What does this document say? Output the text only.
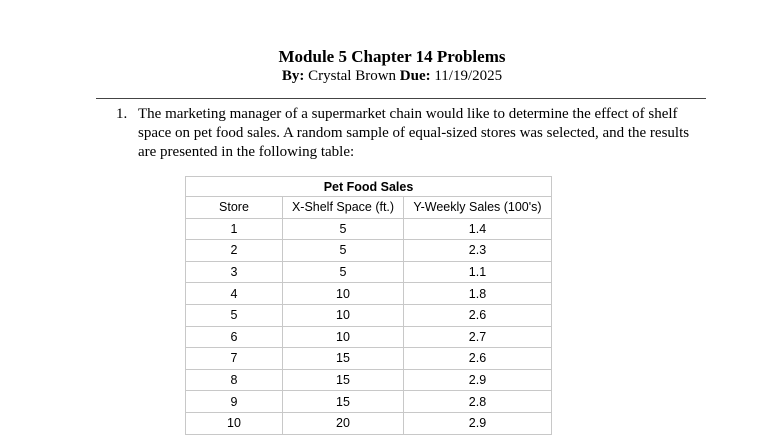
Module 5 Chapter 14 Problems
By: Crystal Brown Due: 11/19/2025
1. The marketing manager of a supermarket chain would like to determine the effect of shelf space on pet food sales. A random sample of equal-sized stores was selected, and the results are presented in the following table:
Pet Food Sales		
Store	X-Shelf Space (ft.)	Y-Weekly Sales (100's)
1	5	1.4
2	5	2.3
3	5	1.1
4	10	1.8
5	10	2.6
6	10	2.7
7	15	2.6
8	15	2.9
9	15	2.8
10	20	2.9
